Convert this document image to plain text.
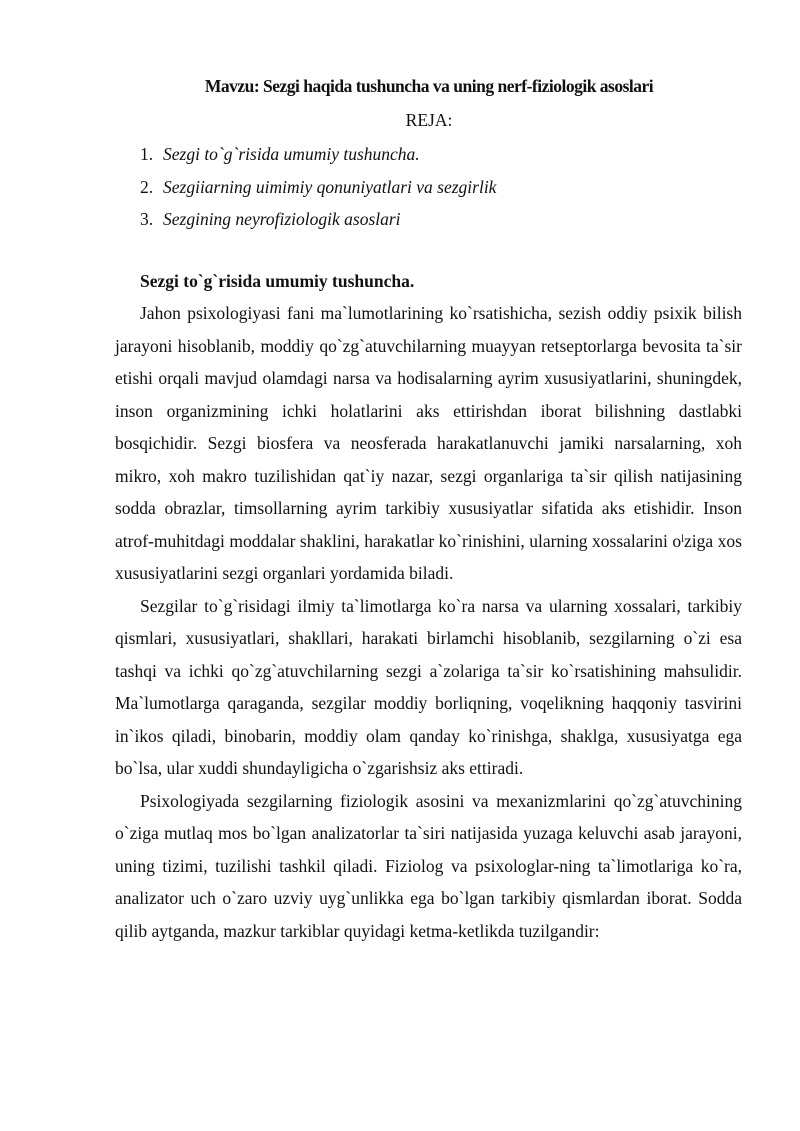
Mavzu: Sezgi haqida tushuncha va uning nerf-fiziologik asoslari
REJA:
1. Sezgi to`g`risida umumiy tushuncha.
2. Sezgiiarning uimimiy qonuniyatlari va sezgirlik
3. Sezgining neyrofiziologik asoslari
Sezgi to`g`risida umumiy tushuncha.

Jahon psixologiyasi fani ma`lumotlarining ko`rsatishicha, sezish oddiy psixik bilish jarayoni hisoblanib, moddiy qo`zg`atuvchilarning muayyan retseptorlarga bevosita ta`sir etishi orqali mavjud olamdagi narsa va hodisalarning ayrim xususiyatlarini, shuningdek, inson organizmining ichki holatlarini aks ettirishdan iborat bilishning dastlabki bosqichidir. Sezgi biosfera va neosferada harakatlanuvchi jamiki narsalarning, xoh mikro, xoh makro tuzilishidan qat`iy nazar, sezgi organlariga ta`sir qilish natijasining sodda obrazlar, timsollarning ayrim tarkibiy xususiyatlar sifatida aks etishidir. Inson atrof-muhitdagi moddalar shaklini, harakatlar ko`rinishini, ularning xossalarini oˡziga xos xususiyatlarini sezgi organlari yordamida biladi.

Sezgilar to`g`risidagi ilmiy ta`limotlarga ko`ra narsa va ularning xossalari, tarkibiy qismlari, xususiyatlari, shakllari, harakati birlamchi hisoblanib, sezgilarning o`zi esa tashqi va ichki qo`zg`atuvchilarning sezgi a`zolariga ta`sir ko`rsatishining mahsulidir. Ma`lumotlarga qaraganda, sezgilar moddiy borliqning, voqelikning haqqoniy tasvirini in`ikos qiladi, binobarin, moddiy olam qanday ko`rinishga, shaklga, xususiyatga ega bo`lsa, ular xuddi shundayligicha o`zgarishsiz aks ettiradi.

Psixologiyada sezgilarning fiziologik asosini va mexanizmlarini qo`zg`atuvchining o`ziga mutlaq mos bo`lgan analizatorlar ta`siri natijasida yuzaga keluvchi asab jarayoni, uning tizimi, tuzilishi tashkil qiladi. Fiziolog va psixologlar-ning ta`limotlariga ko`ra, analizator uch o`zaro uzviy uyg`unlikka ega bo`lgan tarkibiy qismlardan iborat. Sodda qilib aytganda, mazkur tarkiblar quyidagi ketma-ketlikda tuzilgandir:
